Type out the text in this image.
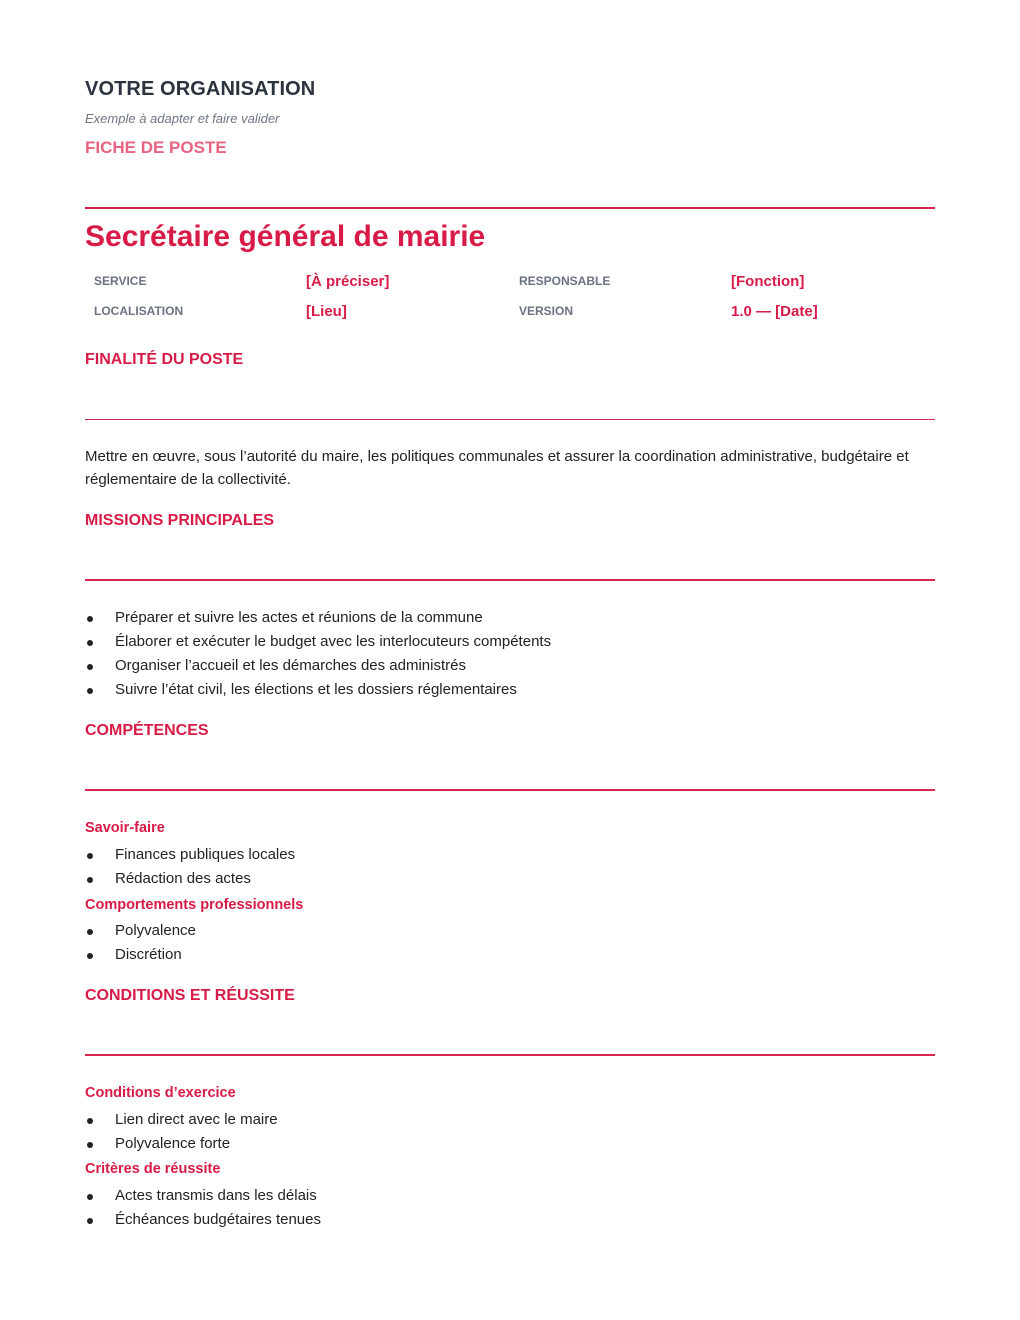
VOTRE ORGANISATION
Exemple à adapter et faire valider
FICHE DE POSTE
Secrétaire général de mairie
SERVICE	[À préciser]	RESPONSABLE	[Fonction]
LOCALISATION	[Lieu]	VERSION	1.0 — [Date]
FINALITÉ DU POSTE
Mettre en œuvre, sous l’autorité du maire, les politiques communales et assurer la coordination administrative, budgétaire et réglementaire de la collectivité.
MISSIONS PRINCIPALES
Préparer et suivre les actes et réunions de la commune
Élaborer et exécuter le budget avec les interlocuteurs compétents
Organiser l’accueil et les démarches des administrés
Suivre l’état civil, les élections et les dossiers réglementaires
COMPÉTENCES
Savoir-faire
Finances publiques locales
Rédaction des actes
Comportements professionnels
Polyvalence
Discrétion
CONDITIONS ET RÉUSSITE
Conditions d’exercice
Lien direct avec le maire
Polyvalence forte
Critères de réussite
Actes transmis dans les délais
Échéances budgétaires tenues
